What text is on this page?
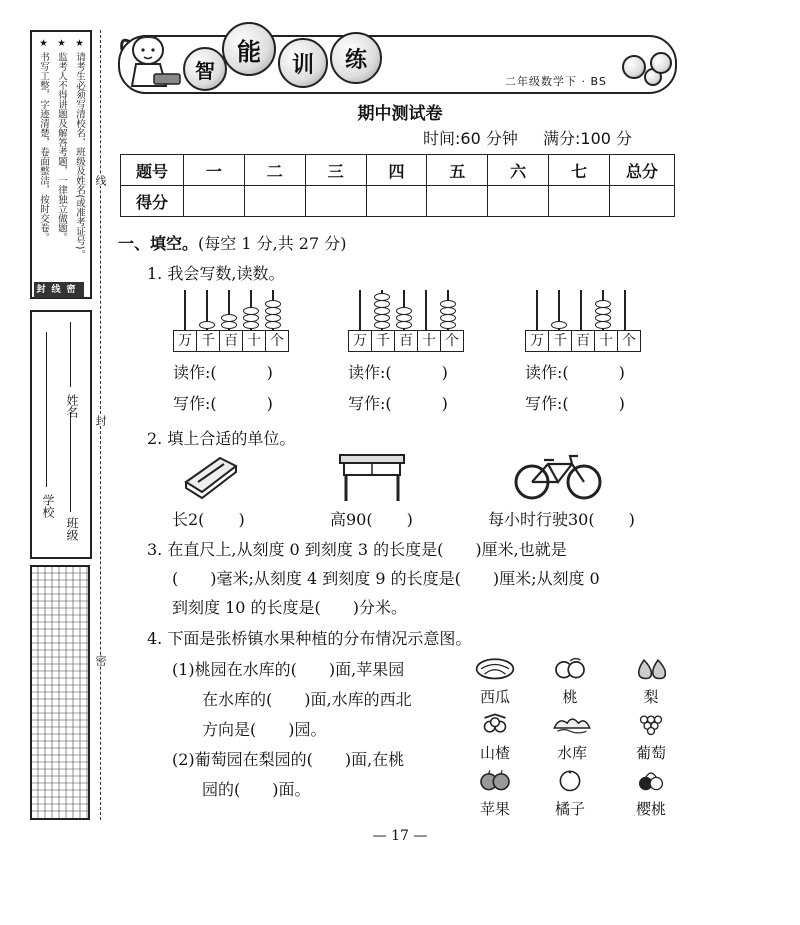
★ 请考生必须写清校名、班级及姓名(或准考证号)。
★ 监考人不得讲题及解答考题，一律独立做题。
★ 书写工整，字迹清楚，卷面整洁，按时交卷。
封线密
线
封
密
学校
班级
姓名
智
能	训	练
二年级数学下 · BS
期中测试卷
时间:60 分钟 满分:100 分
题号	一	二	三	四	五	六	七	总分
得分								
一、填空。(每空 1 分,共 27 分)
1. 我会写数,读数。
万 千 百 十 个	万 千 百 十 个	万 千 百 十 个
读作:(	)	读作:(	)	读作:(	)
写作:(	)	写作:(	)	写作:(	)
2. 填上合适的单位。
长2( )	高90( )	每小时行驶30( )
3. 在直尺上,从刻度 0 到刻度 3 的长度是(　　)厘米,也就是
(　　)毫米;从刻度 4 到刻度 9 的长度是(　　)厘米;从刻度 0
到刻度 10 的长度是(　　)分米。
4. 下面是张桥镇水果种植的分布情况示意图。
(1)桃园在水库的(　　)面,苹果园
在水库的(　　)面,水库的西北
方向是(　　)园。
(2)葡萄园在梨园的(　　)面,在桃
园的(　　)面。
西瓜	桃	梨
山楂	水库	葡萄
苹果	橘子	樱桃
— 17 —
